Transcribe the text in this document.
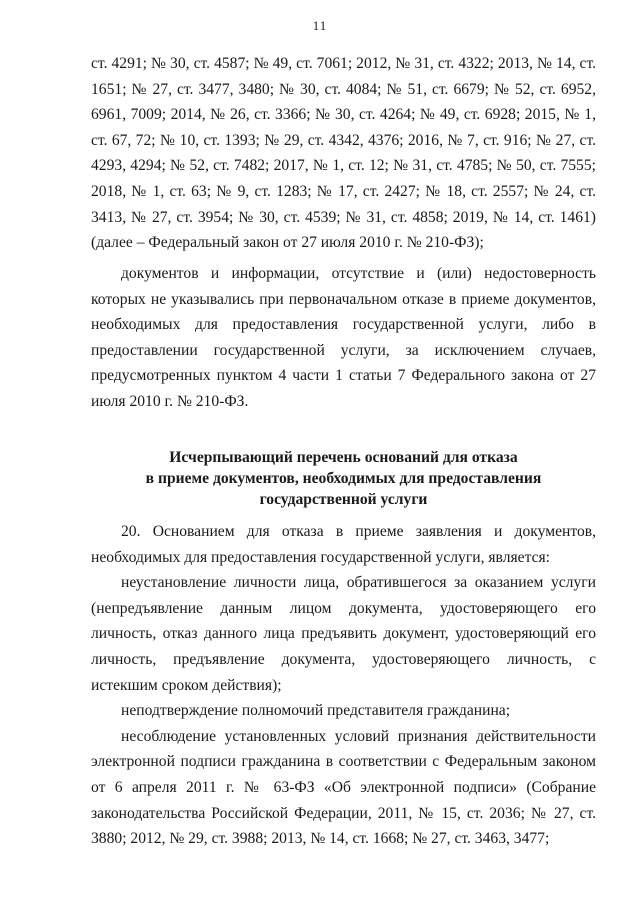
11

ст. 4291; № 30, ст. 4587; № 49, ст. 7061; 2012, № 31, ст. 4322; 2013, № 14, ст. 1651; № 27, ст. 3477, 3480; № 30, ст. 4084; № 51, ст. 6679; № 52, ст. 6952, 6961, 7009; 2014, № 26, ст. 3366; № 30, ст. 4264; № 49, ст. 6928; 2015, № 1, ст. 67, 72; № 10, ст. 1393; № 29, ст. 4342, 4376; 2016, № 7, ст. 916; № 27, ст. 4293, 4294; № 52, ст. 7482; 2017, № 1, ст. 12; № 31, ст. 4785; № 50, ст. 7555; 2018, № 1, ст. 63; № 9, ст. 1283; № 17, ст. 2427; № 18, ст. 2557; № 24, ст. 3413, № 27, ст. 3954; № 30, ст. 4539; № 31, ст. 4858; 2019, № 14, ст. 1461) (далее – Федеральный закон от 27 июля 2010 г. № 210-ФЗ);

документов и информации, отсутствие и (или) недостоверность которых не указывались при первоначальном отказе в приеме документов, необходимых для предоставления государственной услуги, либо в предоставлении государственной услуги, за исключением случаев, предусмотренных пунктом 4 части 1 статьи 7 Федерального закона от 27 июля 2010 г. № 210-ФЗ.

Исчерпывающий перечень оснований для отказа
в приеме документов, необходимых для предоставления
государственной услуги

20. Основанием для отказа в приеме заявления и документов, необходимых для предоставления государственной услуги, является:

неустановление личности лица, обратившегося за оказанием услуги (непредъявление данным лицом документа, удостоверяющего его личность, отказ данного лица предъявить документ, удостоверяющий его личность, предъявление документа, удостоверяющего личность, с истекшим сроком действия);

неподтверждение полномочий представителя гражданина;

несоблюдение установленных условий признания действительности электронной подписи гражданина в соответствии с Федеральным законом от 6 апреля 2011 г. № 63-ФЗ «Об электронной подписи» (Собрание законодательства Российской Федерации, 2011, № 15, ст. 2036; № 27, ст. 3880; 2012, № 29, ст. 3988; 2013, № 14, ст. 1668; № 27, ст. 3463, 3477;
